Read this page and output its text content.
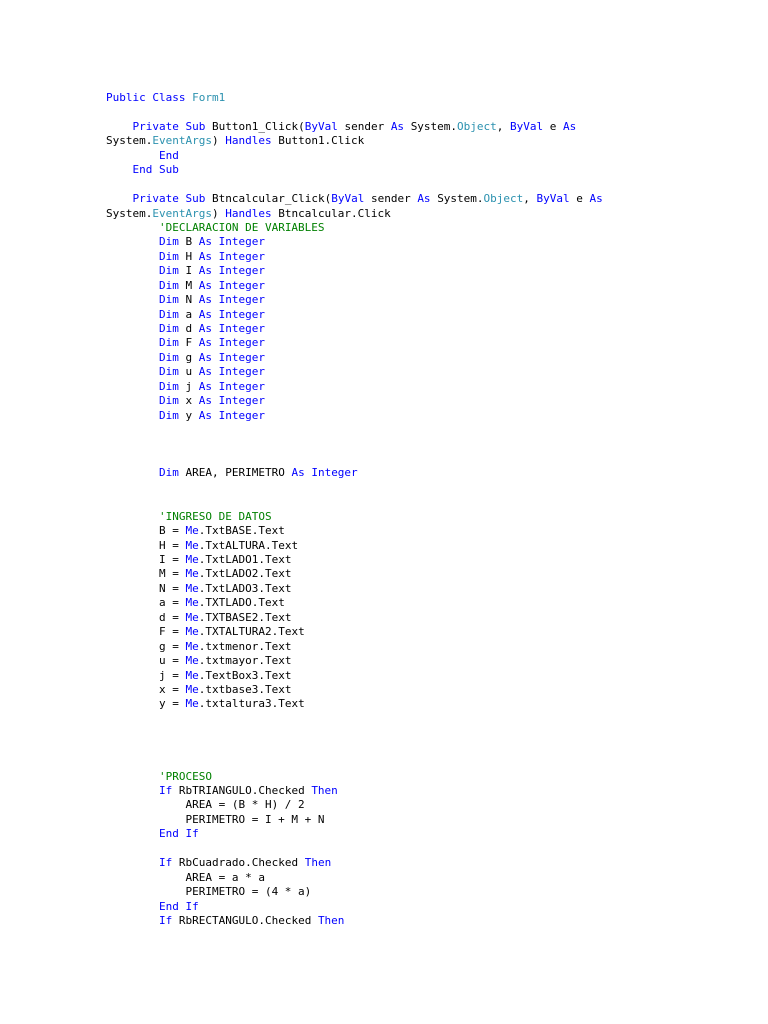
Public Class Form1

Private Sub Button1_Click(ByVal sender As System.Object, ByVal e As
System.EventArgs) Handles Button1.Click
End
End Sub

Private Sub Btncalcular_Click(ByVal sender As System.Object, ByVal e As
System.EventArgs) Handles Btncalcular.Click
'DECLARACION DE VARIABLES
Dim B As Integer
Dim H As Integer
Dim I As Integer
Dim M As Integer
Dim N As Integer
Dim a As Integer
Dim d As Integer
Dim F As Integer
Dim g As Integer
Dim u As Integer
Dim j As Integer
Dim x As Integer
Dim y As Integer

Dim AREA, PERIMETRO As Integer

'INGRESO DE DATOS
B = Me.TxtBASE.Text
H = Me.TxtALTURA.Text
I = Me.TxtLADO1.Text
M = Me.TxtLADO2.Text
N = Me.TxtLADO3.Text
a = Me.TXTLADO.Text
d = Me.TXTBASE2.Text
F = Me.TXTALTURA2.Text
g = Me.txtmenor.Text
u = Me.txtmayor.Text
j = Me.TextBox3.Text
x = Me.txtbase3.Text
y = Me.txtaltura3.Text

'PROCESO
If RbTRIANGULO.Checked Then
AREA = (B * H) / 2
PERIMETRO = I + M + N
End If

If RbCuadrado.Checked Then
AREA = a * a
PERIMETRO = (4 * a)
End If
If RbRECTANGULO.Checked Then
